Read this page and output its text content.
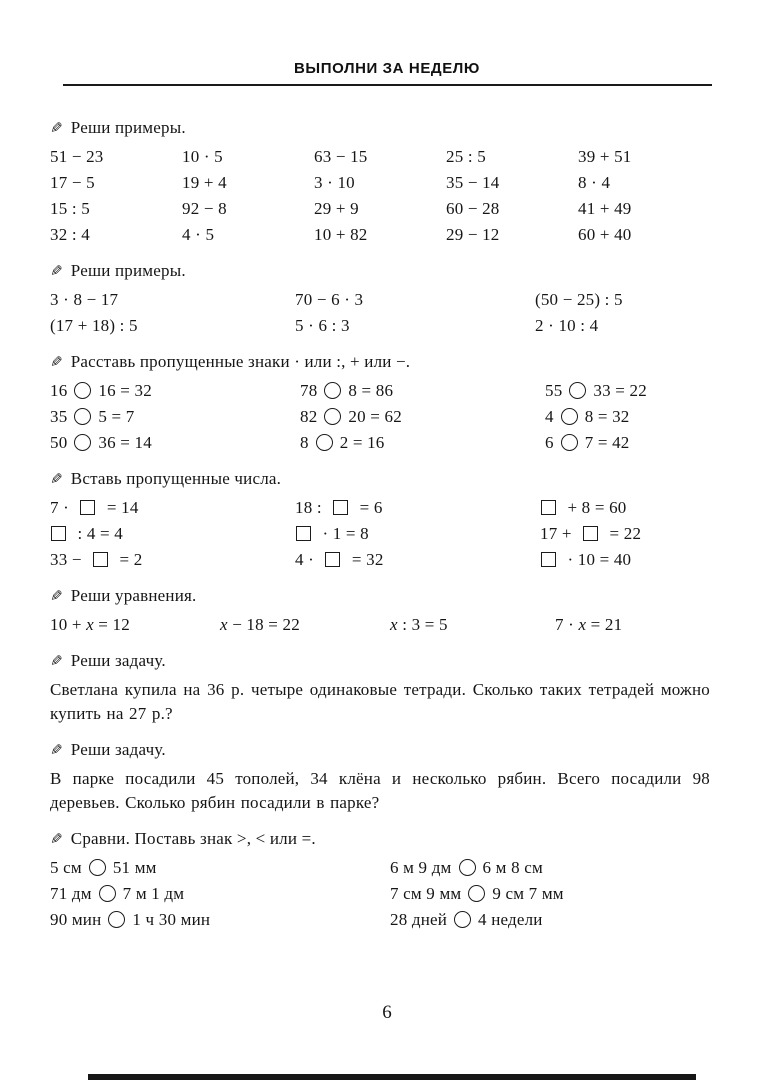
ВЫПОЛНИ ЗА НЕДЕЛЮ
✎ Реши примеры.
51 − 23	10 · 5	63 − 15	25 : 5	39 + 51
17 − 5	19 + 4	3 · 10	35 − 14	8 · 4
15 : 5	92 − 8	29 + 9	60 − 28	41 + 49
32 : 4	4 · 5	10 + 82	29 − 12	60 + 40
✎ Реши примеры.
3 · 8 − 17	70 − 6 · 3	(50 − 25) : 5
(17 + 18) : 5	5 · 6 : 3	2 · 10 : 4
✎ Расставь пропущенные знаки · или :, + или −.
16 16 = 32	78 8 = 86	55 33 = 22
35 5 = 7	82 20 = 62	4 8 = 32
50 36 = 14	8 2 = 16	6 7 = 42
✎ Вставь пропущенные числа.
7 ·  = 14	18 :  = 6	+ 8 = 60
: 4 = 4	· 1 = 8	17 +  = 22
33 −  = 2	4 ·  = 32	· 10 = 40
✎ Реши уравнения.
10 + x = 12	x − 18 = 22	x : 3 = 5	7 · x = 21
✎ Реши задачу.

Светлана купила на 36 р. четыре одинаковые тетради. Сколько таких тетрадей можно купить на 27 р.?

✎ Реши задачу.

В парке посадили 45 тополей, 34 клёна и несколько рябин. Всего посадили 98 деревьев. Сколько рябин посадили в парке?

✎ Сравни. Поставь знак >, < или =.
5 см 51 мм	6 м 9 дм 6 м 8 см
71 дм 7 м 1 дм	7 см 9 мм 9 см 7 мм
90 мин 1 ч 30 мин	28 дней 4 недели
6
